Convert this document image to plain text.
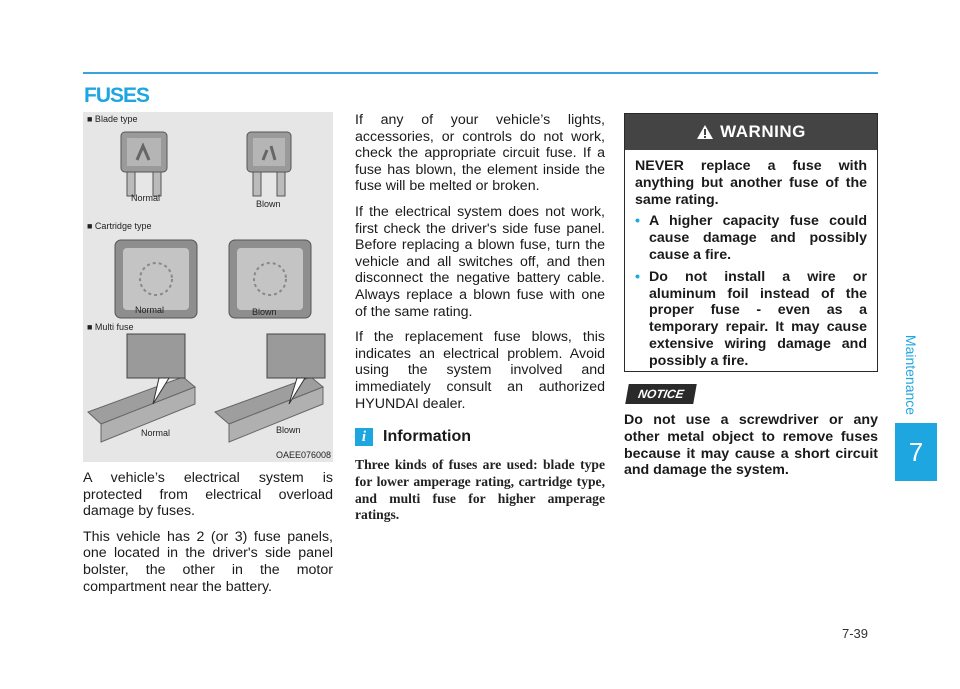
FUSES
■ Blade type
Normal
Blown
■ Cartridge type
Normal	Blown
■ Multi fuse
Normal	Blown
OAEE076008

A vehicle’s electrical system is protected from electrical overload damage by fuses.

This vehicle has 2 (or 3) fuse panels, one located in the driver's side panel bolster, the other in the motor compartment near the battery.

If any of your vehicle’s lights, accessories, or controls do not work, check the appropriate circuit fuse. If a fuse has blown, the element inside the fuse will be melted or broken.

If the electrical system does not work, first check the driver's side fuse panel. Before replacing a blown fuse, turn the vehicle and all switches off, and then disconnect the negative battery cable. Always replace a blown fuse with one of the same rating.

If the replacement fuse blows, this indicates an electrical problem. Avoid using the system involved and immediately consult an authorized HYUNDAI dealer.

i	Information
Three kinds of fuses are used: blade type for lower amperage rating, cartridge type, and multi fuse for higher amperage ratings.
WARNING

NEVER replace a fuse with anything but another fuse of the same rating.

• A higher capacity fuse could cause damage and possibly cause a fire.
• Do not install a wire or aluminum foil instead of the proper fuse - even as a temporary repair. It may cause extensive wiring damage and possibly a fire.
NOTICE
Do not use a screwdriver or any other metal object to remove fuses because it may cause a short circuit and damage the system.
Maintenance
7
7-39
